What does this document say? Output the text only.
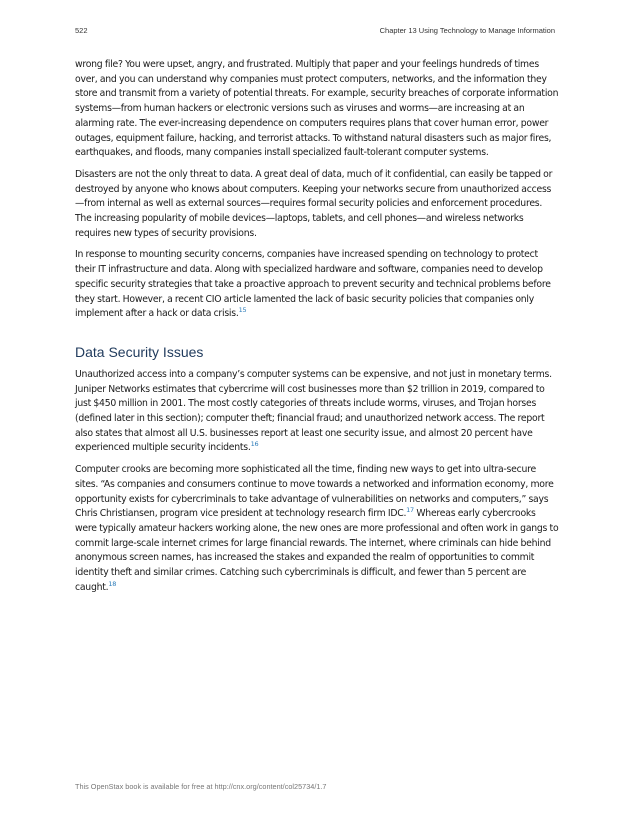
522	Chapter 13 Using Technology to Manage Information

wrong file? You were upset, angry, and frustrated. Multiply that paper and your feelings hundreds of times over, and you can understand why companies must protect computers, networks, and the information they store and transmit from a variety of potential threats. For example, security breaches of corporate information systems—from human hackers or electronic versions such as viruses and worms—are increasing at an alarming rate. The ever-increasing dependence on computers requires plans that cover human error, power outages, equipment failure, hacking, and terrorist attacks. To withstand natural disasters such as major fires, earthquakes, and floods, many companies install specialized fault-tolerant computer systems.

Disasters are not the only threat to data. A great deal of data, much of it confidential, can easily be tapped or destroyed by anyone who knows about computers. Keeping your networks secure from unauthorized access—from internal as well as external sources—requires formal security policies and enforcement procedures. The increasing popularity of mobile devices—laptops, tablets, and cell phones—and wireless networks requires new types of security provisions.

In response to mounting security concerns, companies have increased spending on technology to protect their IT infrastructure and data. Along with specialized hardware and software, companies need to develop specific security strategies that take a proactive approach to prevent security and technical problems before they start. However, a recent CIO article lamented the lack of basic security policies that companies only implement after a hack or data crisis.$^{15}$

Data Security Issues

Unauthorized access into a company’s computer systems can be expensive, and not just in monetary terms. Juniper Networks estimates that cybercrime will cost businesses more than $2 trillion in 2019, compared to just $450 million in 2001. The most costly categories of threats include worms, viruses, and Trojan horses (defined later in this section); computer theft; financial fraud; and unauthorized network access. The report also states that almost all U.S. businesses report at least one security issue, and almost 20 percent have experienced multiple security incidents.$^{16}$

Computer crooks are becoming more sophisticated all the time, finding new ways to get into ultra-secure sites. “As companies and consumers continue to move towards a networked and information economy, more opportunity exists for cybercriminals to take advantage of vulnerabilities on networks and computers,” says Chris Christiansen, program vice president at technology research firm IDC.$^{17}$ Whereas early cybercrooks were typically amateur hackers working alone, the new ones are more professional and often work in gangs to commit large-scale internet crimes for large financial rewards. The internet, where criminals can hide behind anonymous screen names, has increased the stakes and expanded the realm of opportunities to commit identity theft and similar crimes. Catching such cybercriminals is difficult, and fewer than 5 percent are caught.$^{18}$

This OpenStax book is available for free at http://cnx.org/content/col25734/1.7
